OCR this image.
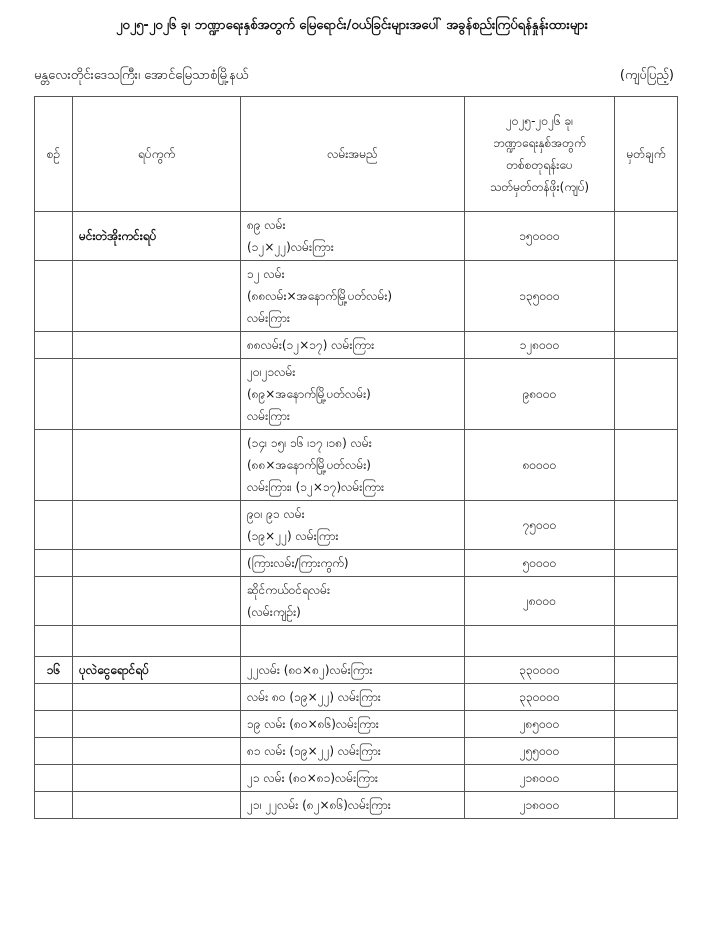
၂၀၂၅-၂၀၂၆ ခု၊ ဘဏ္ဍာရေးနှစ်အတွက် မြေရောင်း/ဝယ်ခြင်းများအပေါ် အခွန်စည်းကြပ်ရန်နှုန်းထားများ
မန္တလေးတိုင်းဒေသကြီး၊ အောင်မြေသာစံမြို့နယ်	(ကျပ်ပြည့်)
စဉ်	ရပ်ကွက်	လမ်းအမည်	၂၀၂၅-၂၀၂၆ ခု၊
ဘဏ္ဍာရေးနှစ်အတွက်
တစ်စတုရန်းပေ
သတ်မှတ်တန်ဖိုး(ကျပ်)	မှတ်ချက်
	မင်းတဲအိုးကင်းရပ်	၈၉ လမ်း
(၁၂×၂၂)လမ်းကြား	၁၅၀၀၀၀	

		၁၂ လမ်း
(၈၈လမ်း×အနောက်မြို့ပတ်လမ်း)
လမ်းကြား	၁၃၅၀၀၀	

		၈၈လမ်း(၁၂×၁၇) လမ်းကြား	၁၂၈၀၀၀	

		၂၀၊၂၁လမ်း
(၈၉×အနောက်မြို့ပတ်လမ်း)
လမ်းကြား	၉၈၀၀၀	

		(၁၄၊ ၁၅၊ ၁၆ ၊၁၇ ၊၁၈) လမ်း
(၈၈×အနောက်မြို့ပတ်လမ်း)
လမ်းကြား၊ (၁၂×၁၇)လမ်းကြား	၈၀၀၀၀	

		၉၀၊ ၉၁ လမ်း
(၁၉×၂၂) လမ်းကြား	၇၅၀၀၀	

		(ကြားလမ်း/ကြားကွက်)	၅၀၀၀၀	

		ဆိုင်ကယ်ဝင်ရလမ်း
(လမ်းကျဉ်း)	၂၈၀၀၀	

၁၆	ပုလဲငွေရောင်ရပ်	၂၂လမ်း (၈၀×၈၂)လမ်းကြား	၃၃၀၀၀၀	

		လမ်း ၈၀ (၁၉×၂၂) လမ်းကြား	၃၃၀၀၀၀	

		၁၉ လမ်း (၈၀×၈၆)လမ်းကြား	၂၈၅၀၀၀	

		၈၁ လမ်း (၁၉×၂၂) လမ်းကြား	၂၅၅၀၀၀	

		၂၁ လမ်း (၈၀×၈၁)လမ်းကြား	၂၁၈၀၀၀	

		၂၁၊ ၂၂လမ်း (၈၂×၈၆)လမ်းကြား	၂၁၈၀၀၀	
